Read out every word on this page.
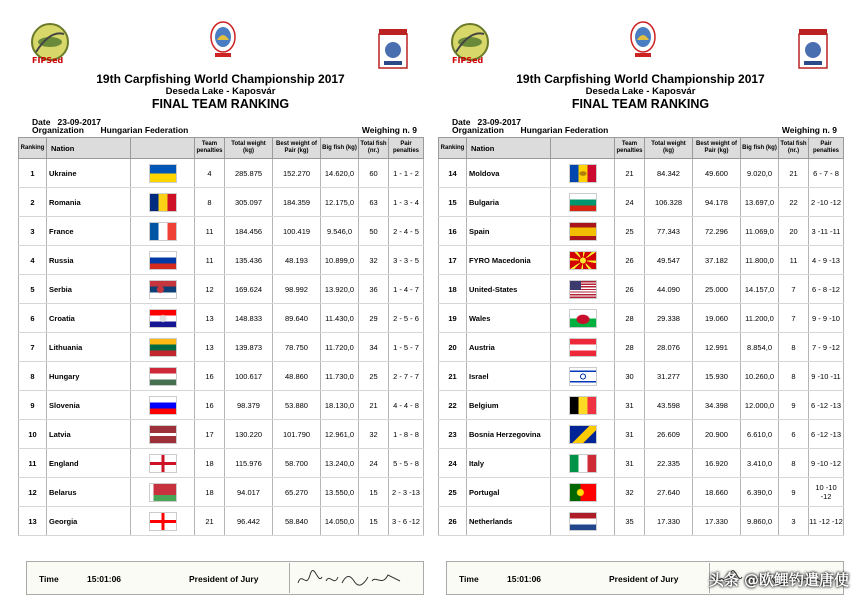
FIPSed
19th Carpfishing World Championship 2017
Deseda Lake - Kaposvár
FINAL TEAM RANKING
Date 23-09-2017
Organization Hungarian Federation	Weighing n. 9
Ranking	Nation		Team penalties	Total weight (kg)	Best weight of Pair (kg)	Big fish (kg)	Total fish (nr.)	Pair penalties
1	Ukraine		4	285.875	152.270	14.620,0	60	1 - 1 - 2
2	Romania		8	305.097	184.359	12.175,0	63	1 - 3 - 4
3	France		11	184.456	100.419	9.546,0	50	2 - 4 - 5
4	Russia		11	135.436	48.193	10.899,0	32	3 - 3 - 5
5	Serbia		12	169.624	98.992	13.920,0	36	1 - 4 - 7
6	Croatia		13	148.833	89.640	11.430,0	29	2 - 5 - 6
7	Lithuania		13	139.873	78.750	11.720,0	34	1 - 5 - 7
8	Hungary		16	100.617	48.860	11.730,0	25	2 - 7 - 7
9	Slovenia		16	98.379	53.880	18.130,0	21	4 - 4 - 8
10	Latvia		17	130.220	101.790	12.961,0	32	1 - 8 - 8
11	England		18	115.976	58.700	13.240,0	24	5 - 5 - 8
12	Belarus		18	94.017	65.270	13.550,0	15	2 - 3 -13
13	Georgia		21	96.442	58.840	14.050,0	15	3 - 6 -12
Time	15:01:06	President of Jury
FIPSed
19th Carpfishing World Championship 2017
Deseda Lake - Kaposvár
FINAL TEAM RANKING
Date 23-09-2017
Organization Hungarian Federation	Weighing n. 9
Ranking	Nation		Team penalties	Total weight (kg)	Best weight of Pair (kg)	Big fish (kg)	Total fish (nr.)	Pair penalties
14	Moldova		21	84.342	49.600	9.020,0	21	6 - 7 - 8
15	Bulgaria		24	106.328	94.178	13.697,0	22	2 -10 -12
16	Spain		25	77.343	72.296	11.069,0	20	3 -11 -11
17	FYRO Macedonia		26	49.547	37.182	11.800,0	11	4 - 9 -13
18	United-States		26	44.090	25.000	14.157,0	7	6 - 8 -12
19	Wales		28	29.338	19.060	11.200,0	7	9 - 9 -10
20	Austria		28	28.076	12.991	8.854,0	8	7 - 9 -12
21	Israel		30	31.277	15.930	10.260,0	8	9 -10 -11
22	Belgium		31	43.598	34.398	12.000,0	9	6 -12 -13
23	Bosnia Herzegovina		31	26.609	20.900	6.610,0	6	6 -12 -13
24	Italy		31	22.335	16.920	3.410,0	8	9 -10 -12
25	Portugal		32	27.640	18.660	6.390,0	9	10 -10 -12
26	Netherlands		35	17.330	17.330	9.860,0	3	11 -12 -12
Time	15:01:06	President of Jury 头条 @欧鲤钓遣唐使
